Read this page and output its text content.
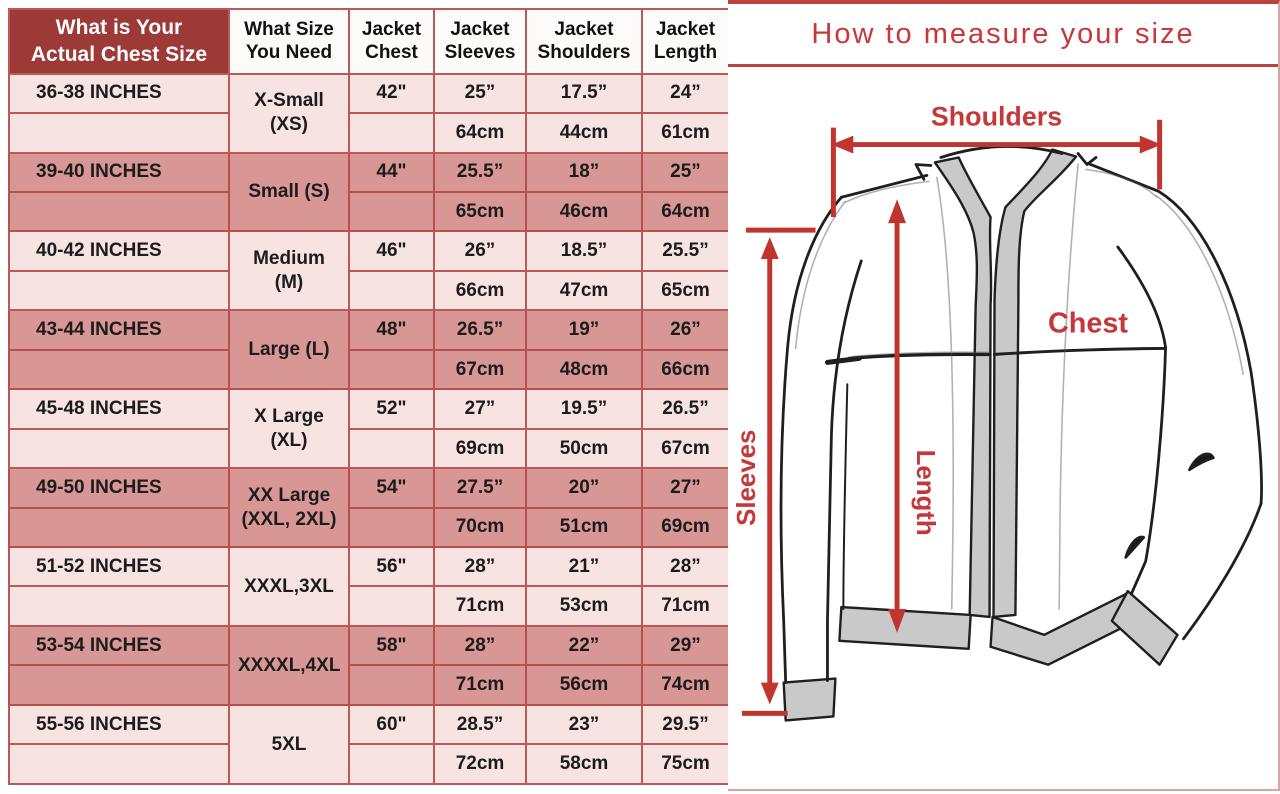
What is Your Actual Chest Size	What Size You Need	Jacket Chest	Jacket Sleeves	Jacket Shoulders	Jacket Length
36-38 INCHES	X-Small (XS)	42"	25”	17.5”	24”
			64cm	44cm	61cm
39-40 INCHES	Small (S)	44"	25.5”	18”	25”
			65cm	46cm	64cm
40-42 INCHES	Medium (M)	46"	26”	18.5”	25.5”
			66cm	47cm	65cm
43-44 INCHES	Large (L)	48"	26.5”	19”	26”
			67cm	48cm	66cm
45-48 INCHES	X Large (XL)	52"	27”	19.5”	26.5”
			69cm	50cm	67cm
49-50 INCHES	XX Large (XXL, 2XL)	54"	27.5”	20”	27”
			70cm	51cm	69cm
51-52 INCHES	XXXL,3XL	56"	28”	21”	28”
			71cm	53cm	71cm
53-54 INCHES	XXXXL,4XL	58"	28”	22”	29”
			71cm	56cm	74cm
55-56 INCHES	5XL	60"	28.5”	23”	29.5”
			72cm	58cm	75cm
How to measure your size
Shoulders
Chest
Sleeves	Length
